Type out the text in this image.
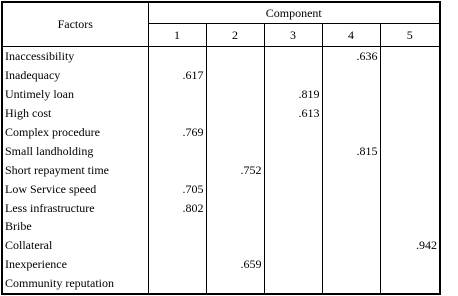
Factors	Component				
	1	2	3	4	5
Inaccessibility				.636	
Inadequacy	.617				
Untimely loan			.819		
High cost			.613		
Complex procedure	.769				
Small landholding				.815	
Short repayment time		.752			
Low Service speed	.705				
Less infrastructure	.802				
Bribe					
Collateral					.942
Inexperience		.659			
Community reputation					
